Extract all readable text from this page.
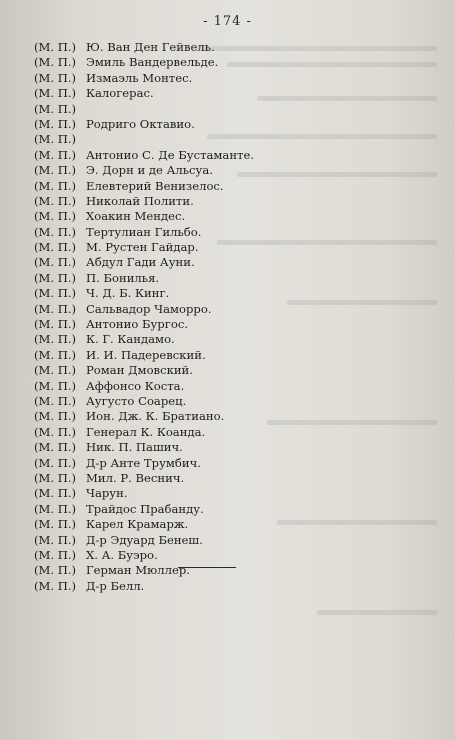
- 174 -
(М. П.) Ю. Ван Ден Гейвель.
(М. П.) Эмиль Вандервельде.
(М. П.) Измаэль Монтес.
(М. П.) Калогерас.
(М. П.)
(М. П.) Родриго Октавио.
(М. П.)
(М. П.) Антонио С. Де Бустаманте.
(М. П.) Э. Дорн и де Альсуа.
(М. П.) Елевтерий Венизелос.
(М. П.) Николай Полити.
(М. П.) Хоакин Мендес.
(М. П.) Тертулиан Гильбо.
(М. П.) М. Рустен Гайдар.
(М. П.) Абдул Гади Ауни.
(М. П.) П. Бонилья.
(М. П.) Ч. Д. Б. Кинг.
(М. П.) Сальвадор Чаморро.
(М. П.) Антонио Бургос.
(М. П.) К. Г. Кандамо.
(М. П.) И. И. Падеревский.
(М. П.) Роман Дмовский.
(М. П.) Аффонсо Коста.
(М. П.) Аугусто Соарец.
(М. П.) Ион. Дж. К. Братиано.
(М. П.) Генерал К. Коанда.
(М. П.) Ник. П. Пашич.
(М. П.) Д-р Анте Трумбич.
(М. П.) Мил. Р. Веснич.
(М. П.) Чарун.
(М. П.) Трайдос Прабанду.
(М. П.) Карел Крамарж.
(М. П.) Д-р Эдуард Бенеш.
(М. П.) Х. А. Буэро.
(М. П.) Герман Мюллер.
(М. П.) Д-р Белл.
